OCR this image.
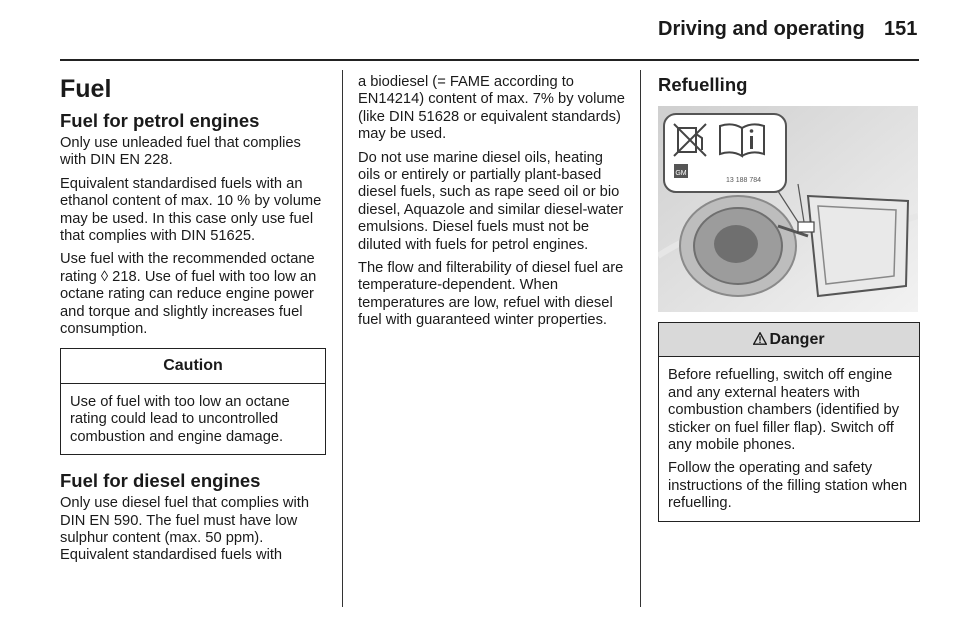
Driving and operating 151
Fuel
Fuel for petrol engines

Only use unleaded fuel that complies with DIN EN 228.

Equivalent standardised fuels with an ethanol content of max. 10 % by volume may be used. In this case only use fuel that complies with DIN 51625.

Use fuel with the recommended octane rating ◊ 218. Use of fuel with too low an octane rating can reduce engine power and torque and slightly increases fuel consumption.

Caution

Use of fuel with too low an octane rating could lead to uncontrolled combustion and engine damage.

Fuel for diesel engines

Only use diesel fuel that complies with DIN EN 590. The fuel must have low sulphur content (max. 50 ppm). Equivalent standardised fuels with

a biodiesel (= FAME according to EN14214) content of max. 7% by volume (like DIN 51628 or equivalent standards) may be used.

Do not use marine diesel oils, heating oils or entirely or partially plant-based diesel fuels, such as rape seed oil or bio diesel, Aquazole and similar diesel-water emulsions. Diesel fuels must not be diluted with fuels for petrol engines.

The flow and filterability of diesel fuel are temperature-dependent. When temperatures are low, refuel with diesel fuel with guaranteed winter properties.

Refuelling
GM
13 188 784
Danger

Before refuelling, switch off engine and any external heaters with combustion chambers (identified by sticker on fuel filler flap). Switch off any mobile phones.

Follow the operating and safety instructions of the filling station when refuelling.
